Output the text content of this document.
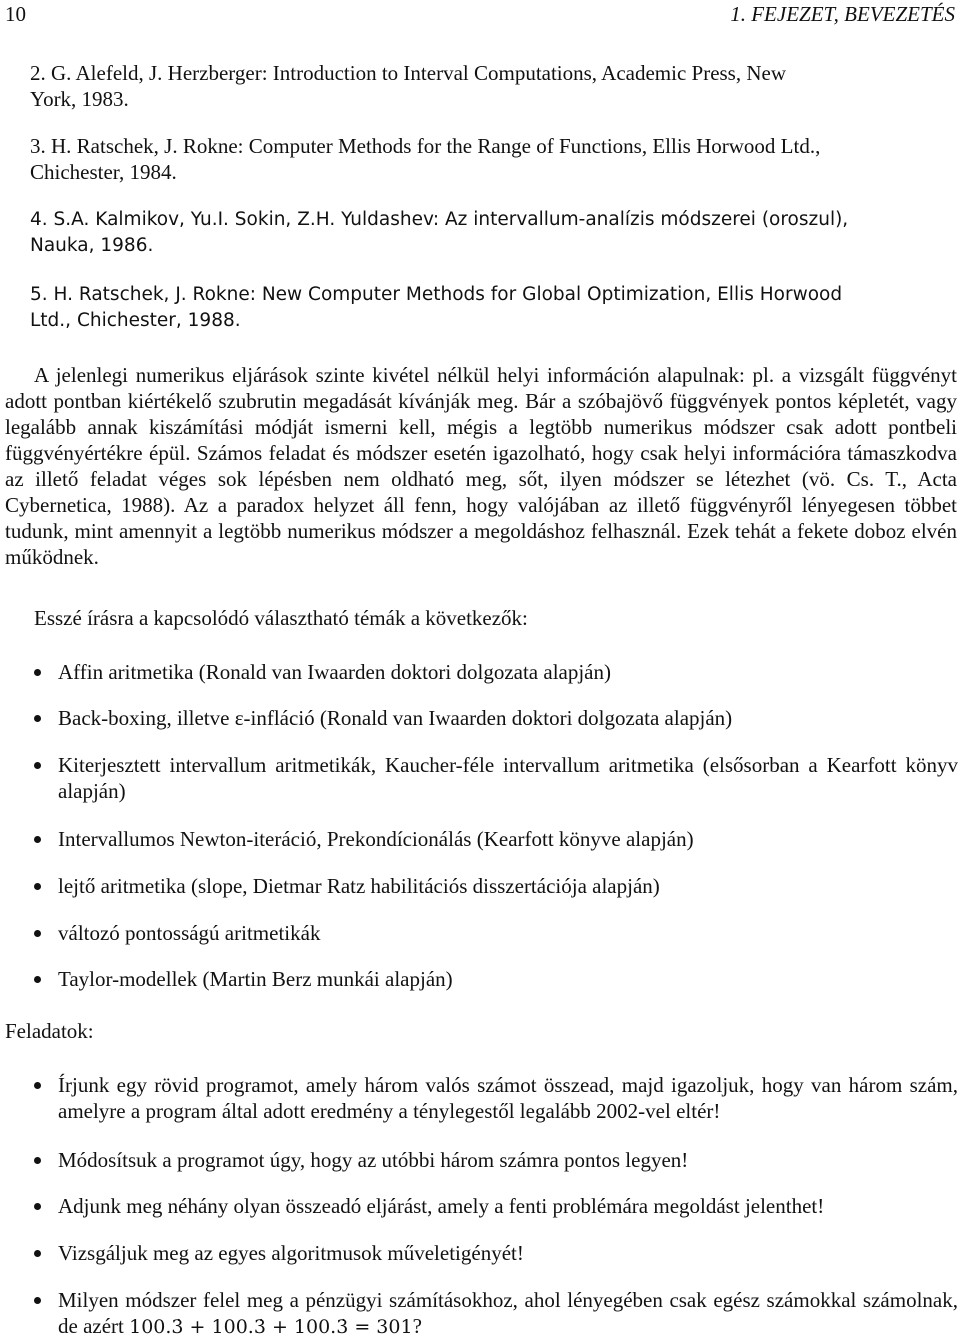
10	1. FEJEZET, BEVEZETÉS

2. G. Alefeld, J. Herzberger: Introduction to Interval Computations, Academic Press, New
York, 1983.

3. H. Ratschek, J. Rokne: Computer Methods for the Range of Functions, Ellis Horwood Ltd.,
Chichester, 1984.

4. S.A. Kalmikov, Yu.I. Sokin, Z.H. Yuldashev: Az intervallum-analízis módszerei (oroszul),
Nauka, 1986.

5. H. Ratschek, J. Rokne: New Computer Methods for Global Optimization, Ellis Horwood
Ltd., Chichester, 1988.

A jelenlegi numerikus eljárások szinte kivétel nélkül helyi információn alapulnak: pl. a vizsgált függvényt adott pontban kiértékelő szubrutin megadását kívánják meg. Bár a szóbajövő függvények pontos képletét, vagy legalább annak kiszámítási módját ismerni kell, mégis a legtöbb numerikus módszer csak adott pontbeli függvényértékre épül. Számos feladat és módszer esetén igazolható, hogy csak helyi információra támaszkodva az illető feladat véges sok lépésben nem oldható meg, sőt, ilyen módszer se létezhet (vö. Cs. T., Acta Cybernetica, 1988). Az a paradox helyzet áll fenn, hogy valójában az illető függvényről lényegesen többet tudunk, mint amennyit a legtöbb numerikus módszer a megoldáshoz felhasznál. Ezek tehát a fekete doboz elvén működnek.

Esszé írásra a kapcsolódó választható témák a következők:

Affin aritmetika (Ronald van Iwaarden doktori dolgozata alapján)

Back-boxing, illetve ε-infláció (Ronald van Iwaarden doktori dolgozata alapján)

Kiterjesztett intervallum aritmetikák, Kaucher-féle intervallum aritmetika (elsősorban a Kearfott könyv alapján)

Intervallumos Newton-iteráció, Prekondícionálás (Kearfott könyve alapján)

lejtő aritmetika (slope, Dietmar Ratz habilitációs disszertációja alapján)

változó pontosságú aritmetikák

Taylor-modellek (Martin Berz munkái alapján)

Feladatok:

Írjunk egy rövid programot, amely három valós számot összead, majd igazoljuk, hogy van három szám, amelyre a program által adott eredmény a ténylegestől legalább 2002-vel eltér!

Módosítsuk a programot úgy, hogy az utóbbi három számra pontos legyen!

Adjunk meg néhány olyan összeadó eljárást, amely a fenti problémára megoldást jelenthet!

Vizsgáljuk meg az egyes algoritmusok műveletigényét!

Milyen módszer felel meg a pénzügyi számításokhoz, ahol lényegében csak egész számokkal számolnak, de azért 100.3̇ + 100.3̇ + 100.3̇ = 301?
